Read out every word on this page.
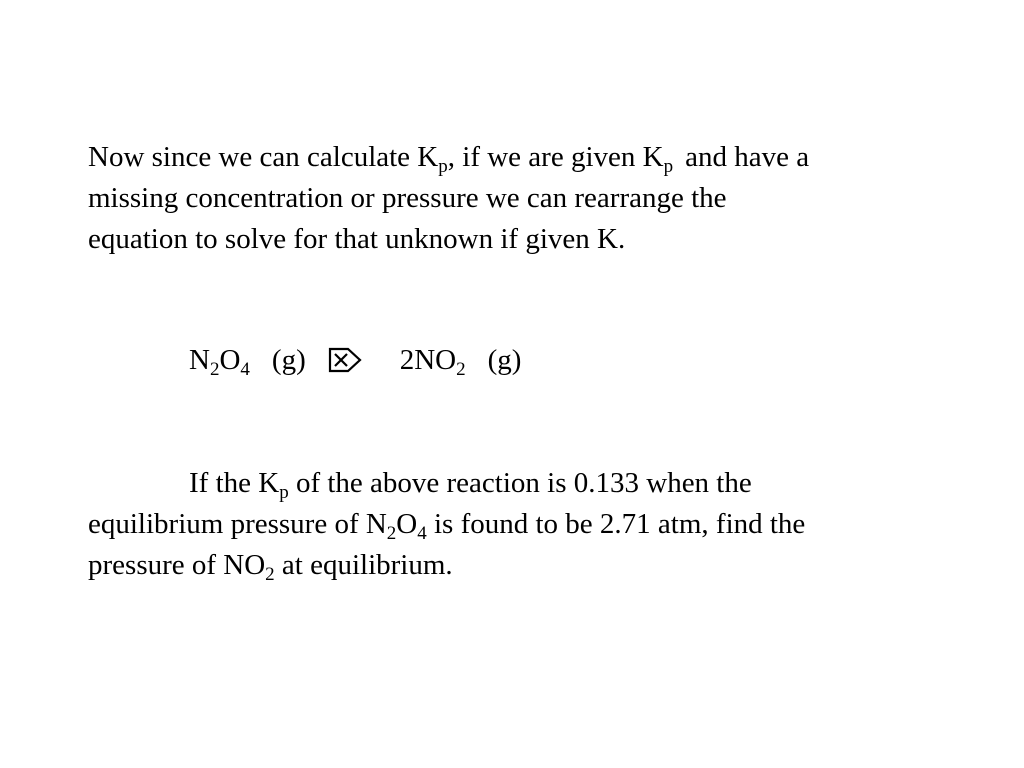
Now since we can calculate $K_p$, if we are given $K_p$ and have a
missing concentration or pressure we can rearrange the
equation to solve for that unknown if given K.
$N_2O_4$ (g)	$2NO_2$ (g)
If the $K_p$ of the above reaction is 0.133 when the
equilibrium pressure of $N_2O_4$ is found to be 2.71 atm, find the
pressure of $NO_2$ at equilibrium.
